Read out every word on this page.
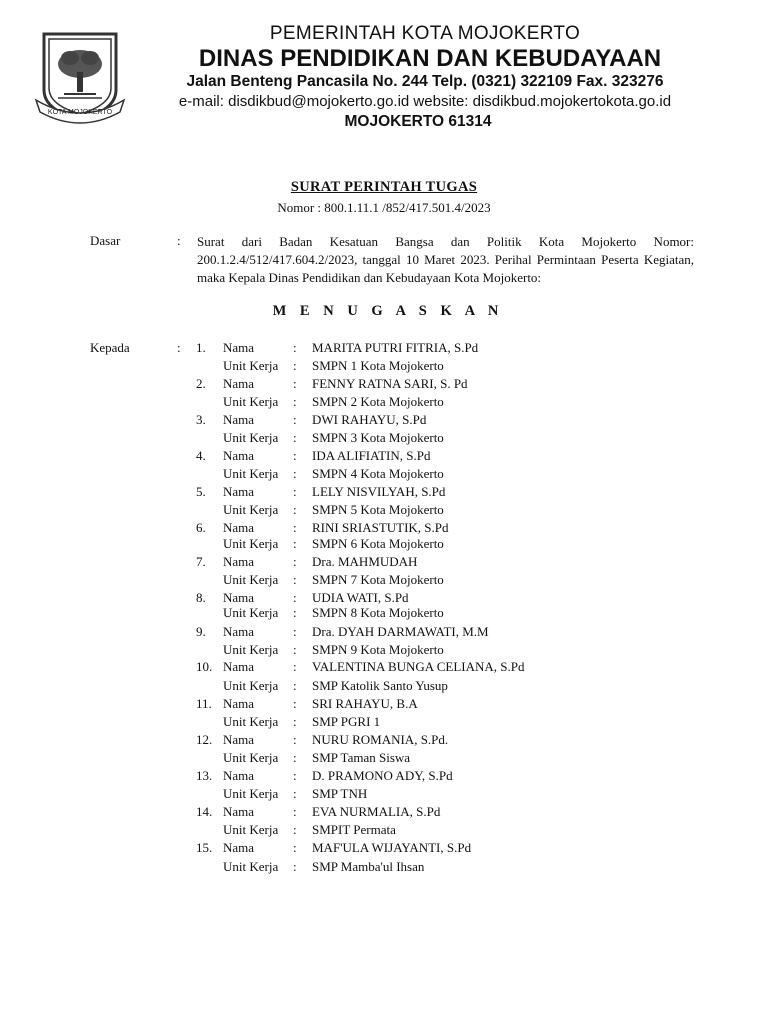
KOTA MOJOKERTO
PEMERINTAH KOTA MOJOKERTO
DINAS PENDIDIKAN DAN KEBUDAYAAN
Jalan Benteng Pancasila No. 244 Telp. (0321) 322109 Fax. 323276
e-mail: disdikbud@mojokerto.go.id website: disdikbud.mojokertokota.go.id
MOJOKERTO 61314
SURAT PERINTAH TUGAS
Nomor : 800.1.11.1 /852/417.501.4/2023
Dasar	: Surat dari Badan Kesatuan Bangsa dan Politik Kota Mojokerto Nomor: 200.1.2.4/512/417.604.2/2023, tanggal 10 Maret 2023. Perihal Permintaan Peserta Kegiatan, maka Kepala Dinas Pendidikan dan Kebudayaan Kota Mojokerto:
M E N U G A S K A N
Kepada	: 1. Nama	: MARITA PUTRI FITRIA, S.Pd
Unit Kerja : SMPN 1 Kota Mojokerto
2. Nama	: FENNY RATNA SARI, S. Pd
Unit Kerja : SMPN 2 Kota Mojokerto
3. Nama	: DWI RAHAYU, S.Pd
Unit Kerja : SMPN 3 Kota Mojokerto
4. Nama	: IDA ALIFIATIN, S.Pd
Unit Kerja : SMPN 4 Kota Mojokerto
5. Nama	: LELY NISVILYAH, S.Pd
Unit Kerja : SMPN 5 Kota Mojokerto
6. Nama	: RINI SRIASTUTIK, S.Pd
Unit Kerja : SMPN 6 Kota Mojokerto
7. Nama	: Dra. MAHMUDAH
Unit Kerja : SMPN 7 Kota Mojokerto
8. Nama	: UDIA WATI, S.Pd
Unit Kerja : SMPN 8 Kota Mojokerto
9. Nama	: Dra. DYAH DARMAWATI, M.M
Unit Kerja : SMPN 9 Kota Mojokerto
10. Nama	: VALENTINA BUNGA CELIANA, S.Pd
Unit Kerja : SMP Katolik Santo Yusup
11. Nama	: SRI RAHAYU, B.A
Unit Kerja : SMP PGRI 1
12. Nama	: NURU ROMANIA, S.Pd.
Unit Kerja : SMP Taman Siswa
13. Nama	: D. PRAMONO ADY, S.Pd
Unit Kerja : SMP TNH
14. Nama	: EVA NURMALIA, S.Pd
Unit Kerja : SMPIT Permata
15. Nama	: MAF'ULA WIJAYANTI, S.Pd
Unit Kerja : SMP Mamba'ul Ihsan
